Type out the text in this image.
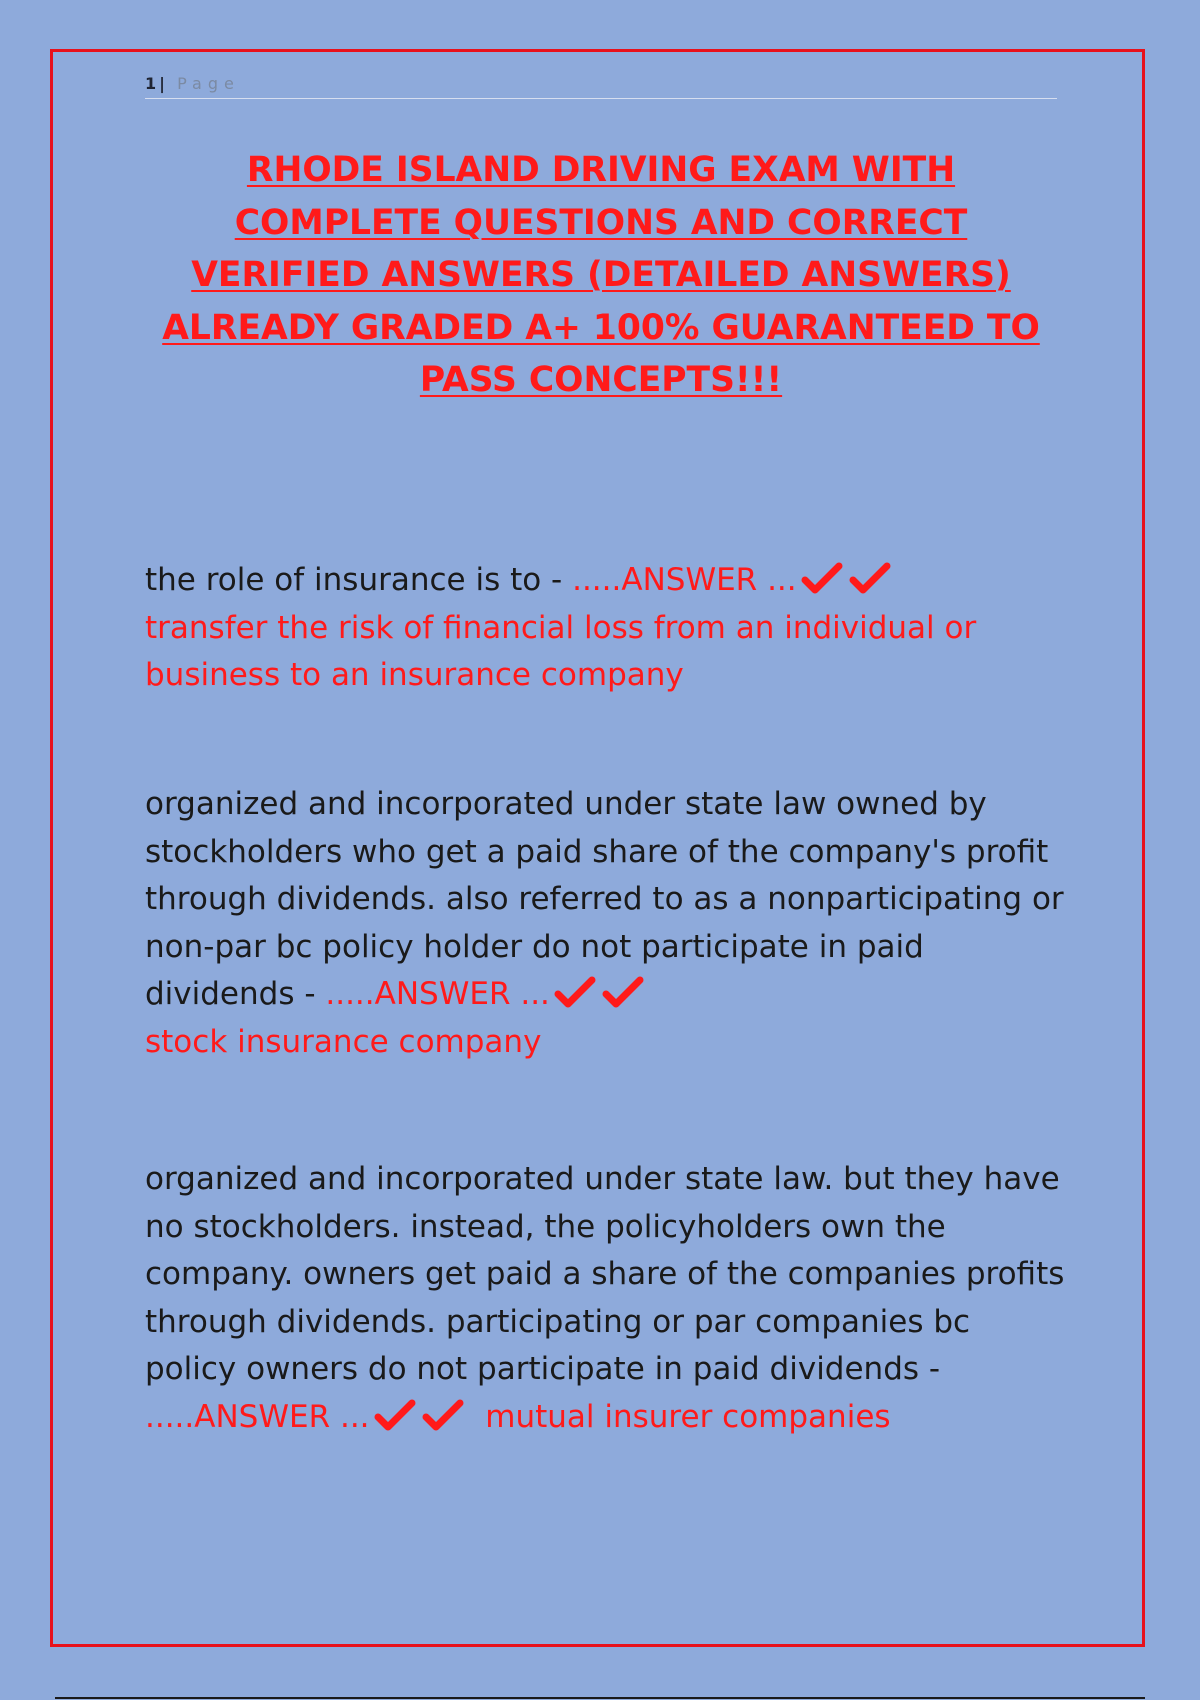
1| Page
RHODE ISLAND DRIVING EXAM WITH COMPLETE QUESTIONS AND CORRECT VERIFIED ANSWERS (DETAILED ANSWERS) ALREADY GRADED A+ 100% GUARANTEED TO PASS CONCEPTS!!!

the role of insurance is to - .....ANSWER ...

transfer the risk of financial loss from an individual or business to an insurance company

organized and incorporated under state law owned by stockholders who get a paid share of the company's profit through dividends. also referred to as a nonparticipating or non-par bc policy holder do not participate in paid dividends - .....ANSWER ...

stock insurance company

organized and incorporated under state law. but they have no stockholders. instead, the policyholders own the company. owners get paid a share of the companies profits through dividends. participating or par companies bc policy owners do not participate in paid dividends - .....ANSWER ...	mutual insurer companies
